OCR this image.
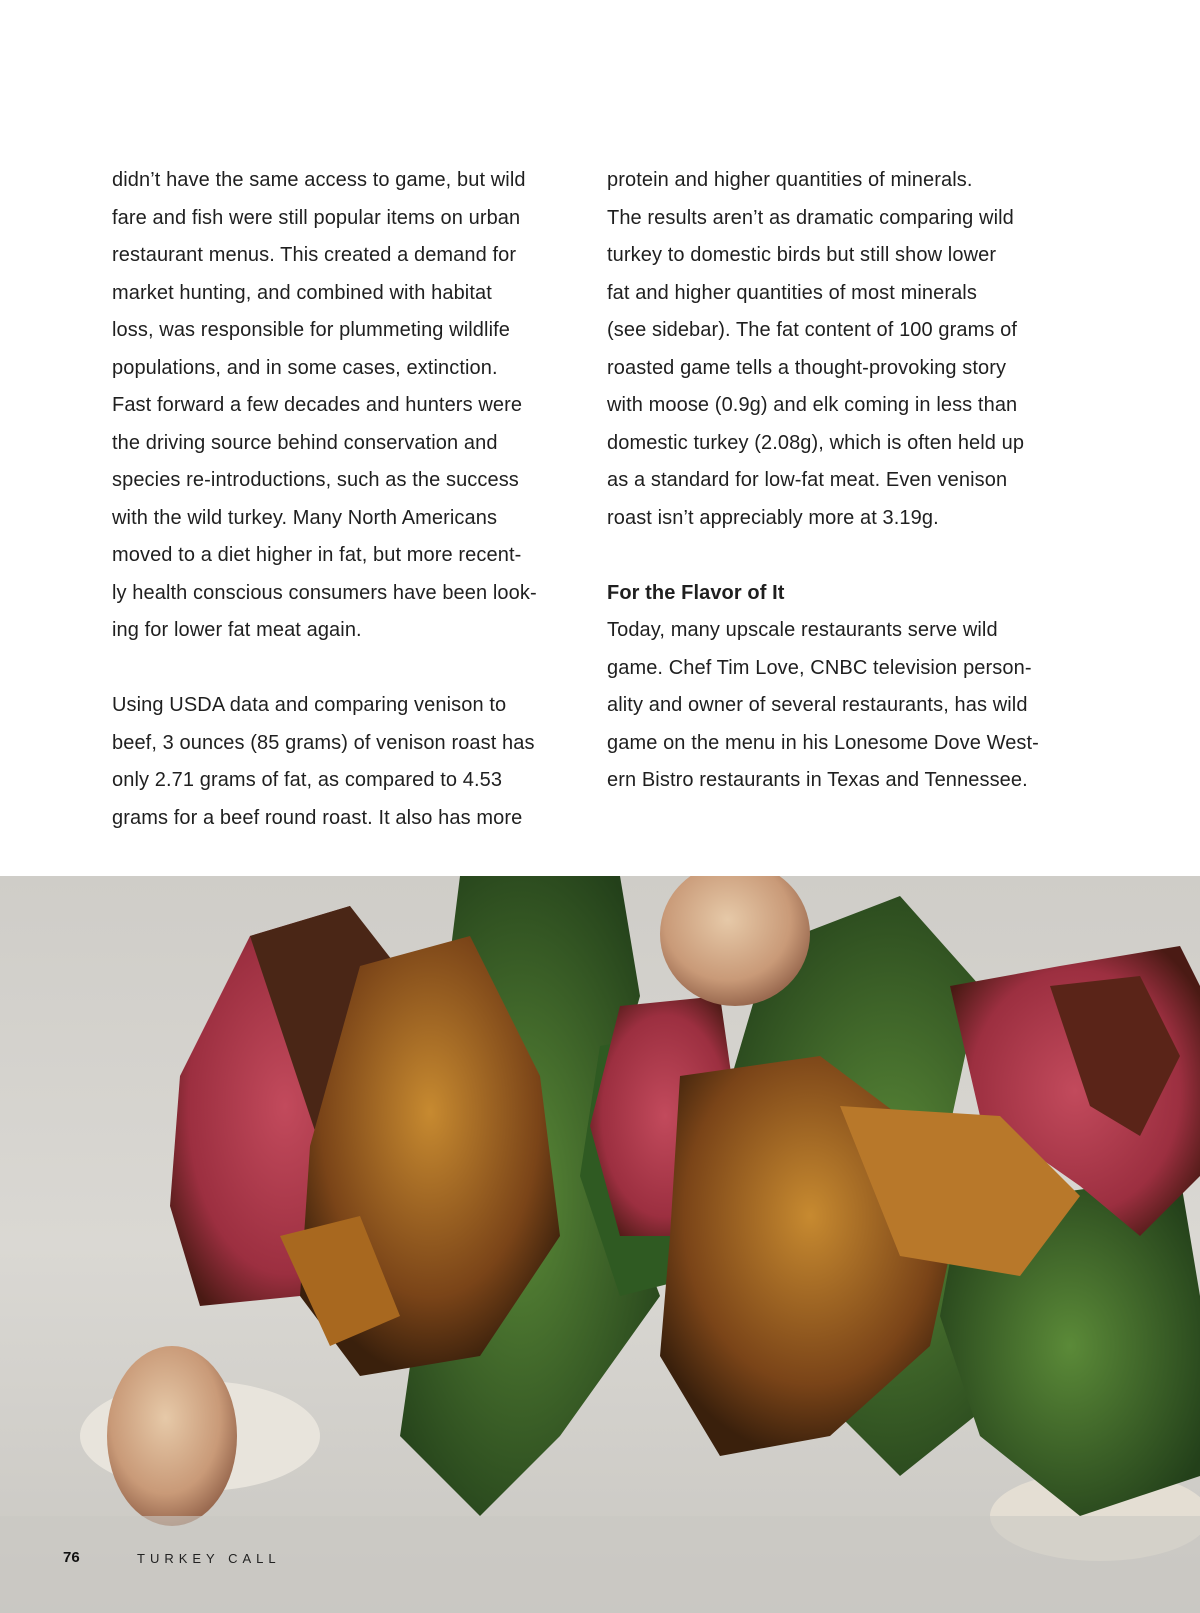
didn’t have the same access to game, but wild
fare and fish were still popular items on urban
restaurant menus. This created a demand for
market hunting, and combined with habitat
loss, was responsible for plummeting wildlife
populations, and in some cases, extinction.
Fast forward a few decades and hunters were
the driving source behind conservation and
species re-introductions, such as the success
with the wild turkey. Many North Americans
moved to a diet higher in fat, but more recent-
ly health conscious consumers have been look-
ing for lower fat meat again.
Using USDA data and comparing venison to
beef, 3 ounces (85 grams) of venison roast has
only 2.71 grams of fat, as compared to 4.53
grams for a beef round roast. It also has more
protein and higher quantities of minerals.
The results aren’t as dramatic comparing wild
turkey to domestic birds but still show lower
fat and higher quantities of most minerals
(see sidebar). The fat content of 100 grams of
roasted game tells a thought-provoking story
with moose (0.9g) and elk coming in less than
domestic turkey (2.08g), which is often held up
as a standard for low-fat meat. Even venison
roast isn’t appreciably more at 3.19g.
For the Flavor of It
Today, many upscale restaurants serve wild
game. Chef Tim Love, CNBC television person-
ality and owner of several restaurants, has wild
game on the menu in his Lonesome Dove West-
ern Bistro restaurants in Texas and Tennessee.
76	TURKEY CALL
